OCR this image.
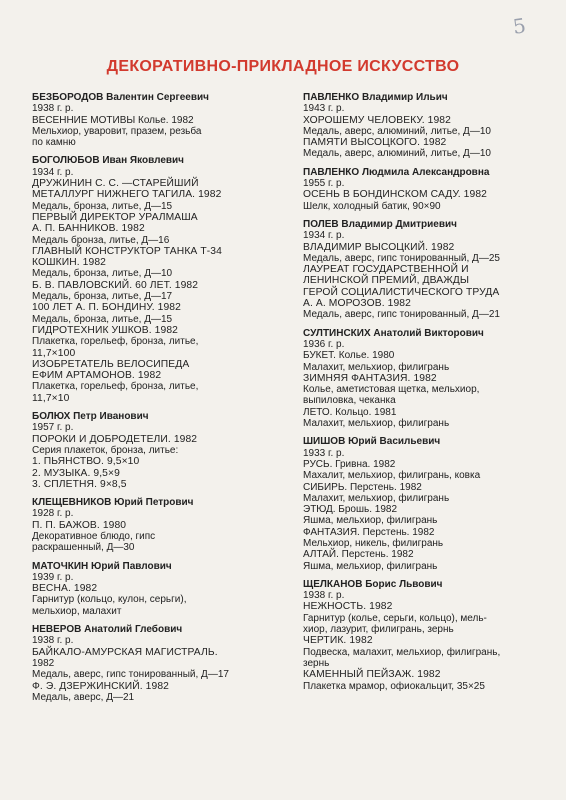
5
ДЕКОРАТИВНО-ПРИКЛАДНОЕ ИСКУССТВО
БЕЗБОРОДОВ Валентин Сергеевич
1938 г. р.
ВЕСЕННИЕ МОТИВЫ Колье. 1982
Мельхиор, уваровит, празем, резьба
по камню
БОГОЛЮБОВ Иван Яковлевич
1934 г. р.
ДРУЖИНИН С. С. —СТАРЕЙШИЙ
МЕТАЛЛУРГ НИЖНЕГО ТАГИЛА. 1982
Медаль, бронза, литье, Д—15
ПЕРВЫЙ ДИРЕКТОР УРАЛМАША
А. П. БАННИКОВ. 1982
Медаль бронза, литье, Д—16
ГЛАВНЫЙ КОНСТРУКТОР ТАНКА Т-34
КОШКИН. 1982
Медаль, бронза, литье, Д—10
Б. В. ПАВЛОВСКИЙ. 60 ЛЕТ. 1982
Медаль, бронза, литье, Д—17
100 ЛЕТ А. П. БОНДИНУ. 1982
Медаль, бронза, литье, Д—15
ГИДРОТЕХНИК УШКОВ. 1982
Плакетка, горельеф, бронза, литье,
11,7×100
ИЗОБРЕТАТЕЛЬ ВЕЛОСИПЕДА
ЕФИМ АРТАМОНОВ. 1982
Плакетка, горельеф, бронза, литье,
11,7×10
БОЛЮХ Петр Иванович
1957 г. р.
ПОРОКИ И ДОБРОДЕТЕЛИ. 1982
Серия плакеток, бронза, литье:
1. ПЬЯНСТВО. 9,5×10
2. МУЗЫКА. 9,5×9
3. СПЛЕТНЯ. 9×8,5
КЛЕЩЕВНИКОВ Юрий Петрович
1928 г. р.
П. П. БАЖОВ. 1980
Декоративное блюдо, гипс
раскрашенный, Д—30
МАТОЧКИН Юрий Павлович
1939 г. р.
ВЕСНА. 1982
Гарнитур (кольцо, кулон, серьги),
мельхиор, малахит
НЕВЕРОВ Анатолий Глебович
1938 г. р.
БАЙКАЛО-АМУРСКАЯ МАГИСТРАЛЬ.
1982
Медаль, аверс, гипс тонированный, Д—17
Ф. Э. ДЗЕРЖИНСКИЙ. 1982
Медаль, аверс, Д—21
ПАВЛЕНКО Владимир Ильич
1943 г. р.
ХОРОШЕМУ ЧЕЛОВЕКУ. 1982
Медаль, аверс, алюминий, литье, Д—10
ПАМЯТИ ВЫСОЦКОГО. 1982
Медаль, аверс, алюминий, литье, Д—10
ПАВЛЕНКО Людмила Александровна
1955 г. р.
ОСЕНЬ В БОНДИНСКОМ САДУ. 1982
Шелк, холодный батик, 90×90
ПОЛЕВ Владимир Дмитриевич
1934 г. р.
ВЛАДИМИР ВЫСОЦКИЙ. 1982
Медаль, аверс, гипс тонированный, Д—25
ЛАУРЕАТ ГОСУДАРСТВЕННОЙ И
ЛЕНИНСКОЙ ПРЕМИЙ, ДВАЖДЫ
ГЕРОЙ СОЦИАЛИСТИЧЕСКОГО ТРУДА
А. А. МОРОЗОВ. 1982
Медаль, аверс, гипс тонированный, Д—21
СУЛТИНСКИХ Анатолий Викторович
1936 г. р.
БУКЕТ. Колье. 1980
Малахит, мельхиор, филигрань
ЗИМНЯЯ ФАНТАЗИЯ. 1982
Колье, аметистовая щетка, мельхиор,
выпиловка, чеканка
ЛЕТО. Кольцо. 1981
Малахит, мельхиор, филигрань
ШИШОВ Юрий Васильевич
1933 г. р.
РУСЬ. Гривна. 1982
Махалит, мельхиор, филигрань, ковка
СИБИРЬ. Перстень. 1982
Малахит, мельхиор, филигрань
ЭТЮД. Брошь. 1982
Яшма, мельхиор, филигрань
ФАНТАЗИЯ. Перстень. 1982
Мельхиор, никель, филигрань
АЛТАЙ. Перстень. 1982
Яшма, мельхиор, филигрань
ЩЕЛКАНОВ Борис Львович
1938 г. р.
НЕЖНОСТЬ. 1982
Гарнитур (колье, серьги, кольцо), мель-
хиор, лазурит, филигрань, зернь
ЧЕРТИК. 1982
Подвеска, малахит, мельхиор, филигрань,
зернь
КАМЕННЫЙ ПЕЙЗАЖ. 1982
Плакетка мрамор, офиокальцит, 35×25
